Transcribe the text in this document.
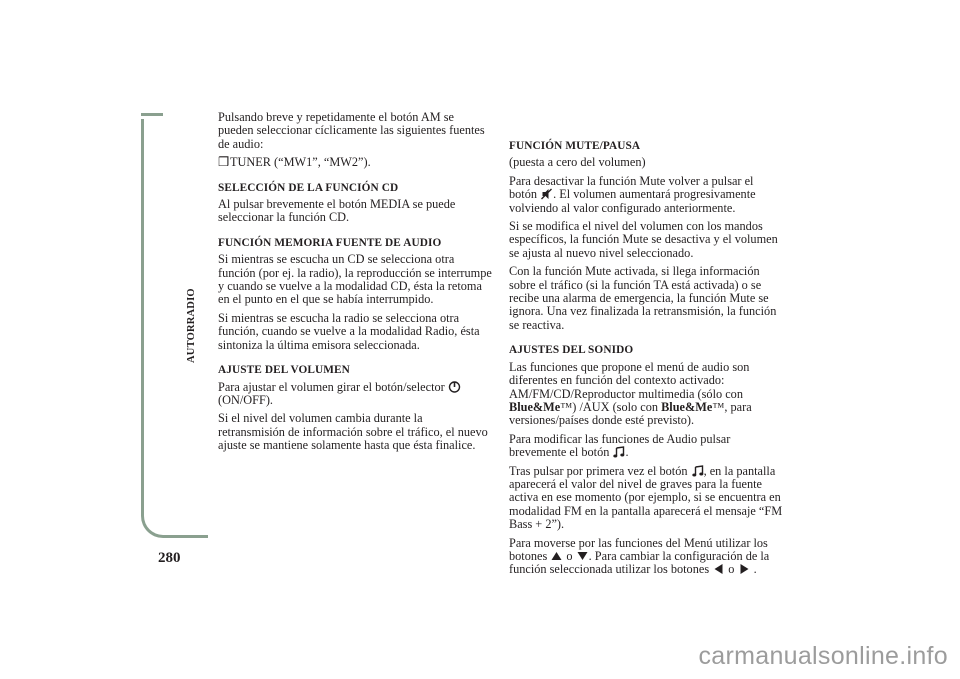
AUTORRADIO
280

Pulsando breve y repetidamente el botón AM se pueden seleccionar cíclicamente las siguientes fuentes de audio:

❒TUNER (“MW1”, “MW2”).

SELECCIÓN DE LA FUNCIÓN CD

Al pulsar brevemente el botón MEDIA se puede seleccionar la función CD.

FUNCIÓN MEMORIA FUENTE DE AUDIO

Si mientras se escucha un CD se selecciona otra función (por ej. la radio), la reproducción se interrumpe y cuando se vuelve a la modalidad CD, ésta la retoma en el punto en el que se había interrumpido.

Si mientras se escucha la radio se selecciona otra función, cuando se vuelve a la modalidad Radio, ésta sintoniza la última emisora seleccionada.

AJUSTE DEL VOLUMEN

Para ajustar el volumen girar el botón/selector  (ON/OFF).

Si el nivel del volumen cambia durante la retransmisión de información sobre el tráfico, el nuevo ajuste se mantiene solamente hasta que ésta finalice.

FUNCIÓN MUTE/PAUSA

(puesta a cero del volumen)

Para desactivar la función Mute volver a pulsar el botón . El volumen aumentará progresivamente volviendo al valor configurado anteriormente.

Si se modifica el nivel del volumen con los mandos específicos, la función Mute se desactiva y el volumen se ajusta al nuevo nivel seleccionado.

Con la función Mute activada, si llega información sobre el tráfico (si la función TA está activada) o se recibe una alarma de emergencia, la función Mute se ignora. Una vez finalizada la retransmisión, la función se reactiva.

AJUSTES DEL SONIDO

Las funciones que propone el menú de audio son diferentes en función del contexto activado: AM/FM/CD/Reproductor multimedia (sólo con Blue&Me™) /AUX (solo con Blue&Me™, para versiones/países donde esté previsto).

Para modificar las funciones de Audio pulsar brevemente el botón .

Tras pulsar por primera vez el botón , en la pantalla aparecerá el valor del nivel de graves para la fuente activa en ese momento (por ejemplo, si se encuentra en modalidad FM en la pantalla aparecerá el mensaje “FM Bass + 2”).

Para moverse por las funciones del Menú utilizar los botones o . Para cambiar la configuración de la función seleccionada utilizar los botones o .

carmanualsonline.info
